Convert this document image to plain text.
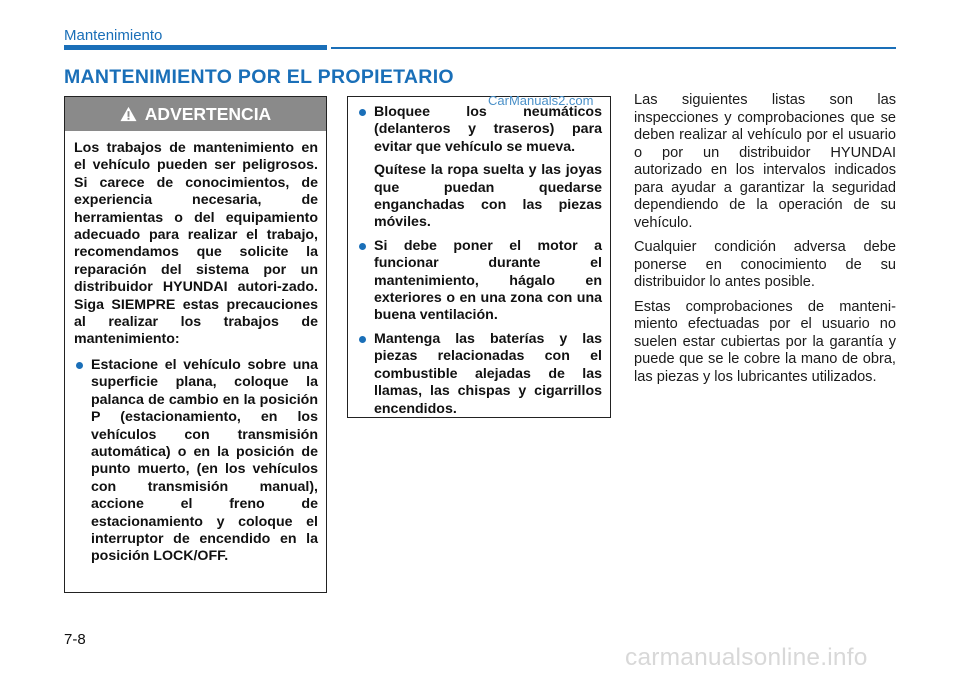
Mantenimiento
MANTENIMIENTO POR EL PROPIETARIO
ADVERTENCIA

Los trabajos de mantenimiento en el vehículo pueden ser peligrosos. Si carece de conocimientos, de experiencia necesaria, de herramientas o del equipamiento adecuado para realizar el trabajo, recomendamos que solicite la reparación del sistema por un distribuidor HYUNDAI autori-zado. Siga SIEMPRE estas precauciones al realizar los trabajos de mantenimiento:

Estacione el vehículo sobre una superficie plana, coloque la palanca de cambio en la posición P (estacionamiento, en los vehículos con transmisión automática) o en la posición de punto muerto, (en los vehículos con transmisión manual), accione el freno de estacionamiento y coloque el interruptor de encendido en la posición LOCK/OFF.
Bloquee los neumáticos (delanteros y traseros) para evitar que vehículo se mueva.
Quítese la ropa suelta y las joyas que puedan quedarse enganchadas con las piezas móviles.
Si debe poner el motor a funcionar durante el mantenimiento, hágalo en exteriores o en una zona con una buena ventilación.
Mantenga las baterías y las piezas relacionadas con el combustible alejadas de las llamas, las chispas y cigarrillos encendidos.
CarManuals2.com	Las siguientes listas son las inspecciones y comprobaciones que se deben realizar al vehículo por el usuario o por un distribuidor HYUNDAI autorizado en los intervalos indicados para ayudar a garantizar la seguridad dependiendo de la operación de su vehículo.

Cualquier condición adversa debe ponerse en conocimiento de su distribuidor lo antes posible.

Estas comprobaciones de manteni-miento efectuadas por el usuario no suelen estar cubiertas por la garantía y puede que se le cobre la mano de obra, las piezas y los lubricantes utilizados.

7-8
carmanualsonline.info
